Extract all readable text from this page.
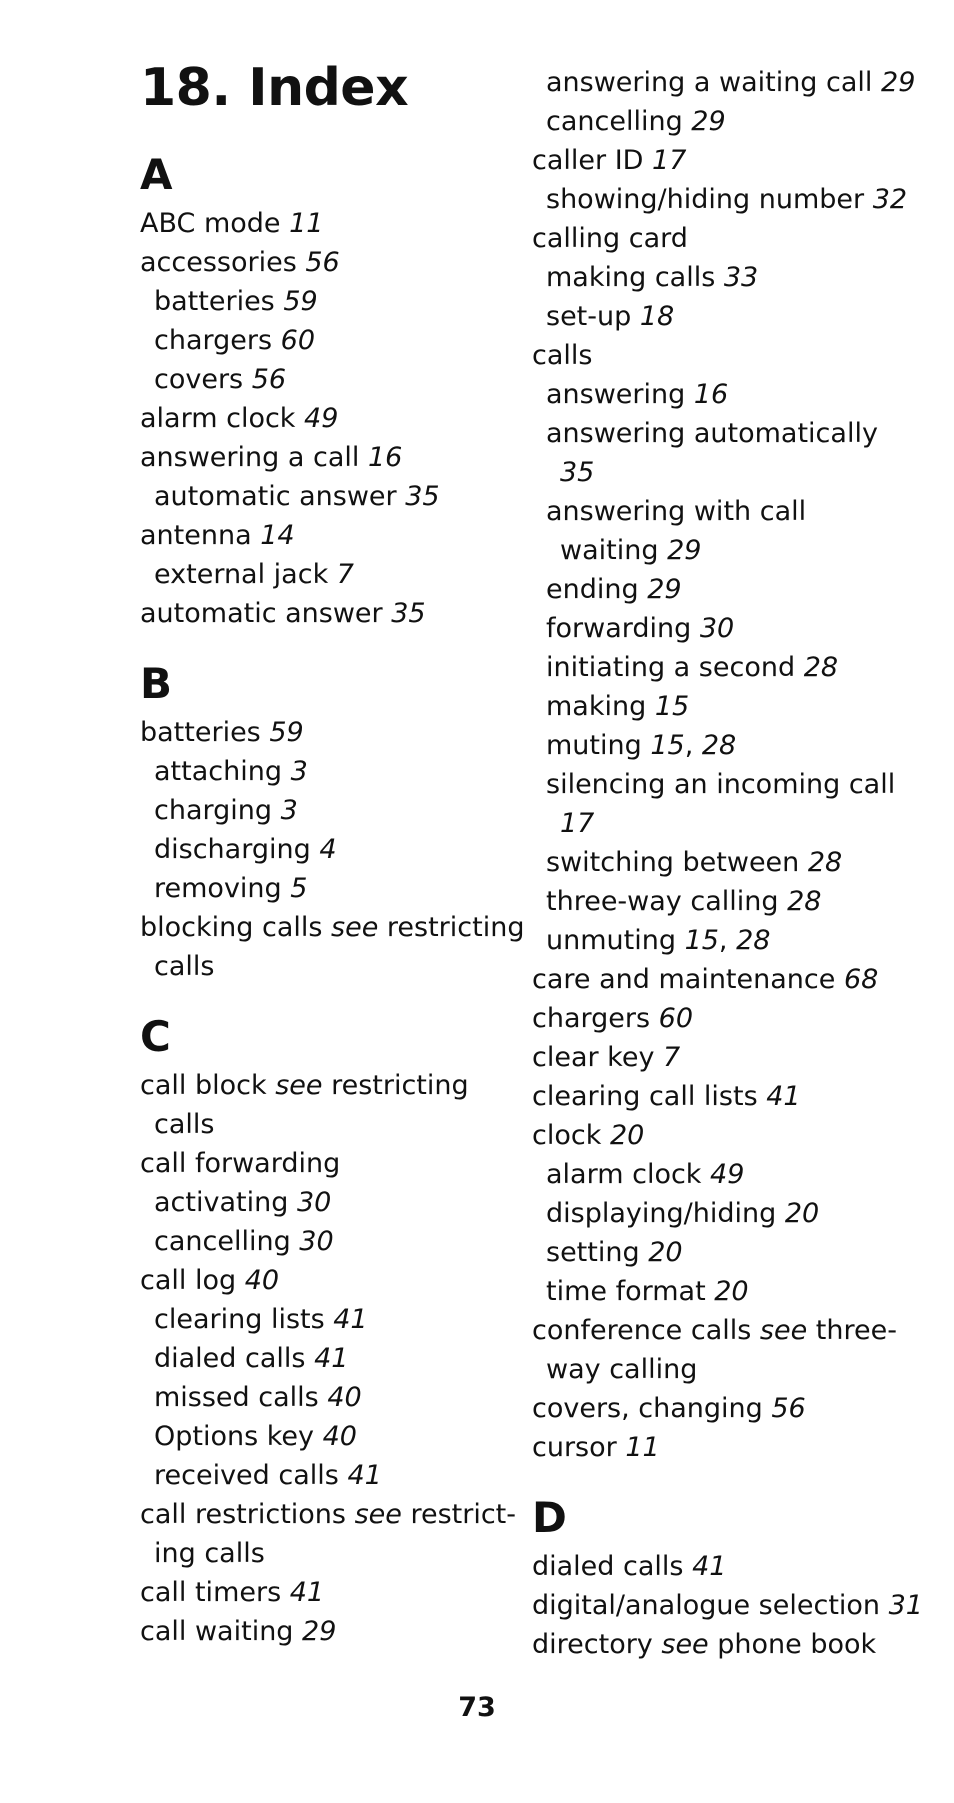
18. Index
A
ABC mode 11
accessories 56
batteries 59
chargers 60
covers 56
alarm clock 49
answering a call 16
automatic answer 35
antenna 14
external jack 7
automatic answer 35
B
batteries 59
attaching 3
charging 3
discharging 4
removing 5
blocking calls see restricting
calls
C
call block see restricting
calls
call forwarding
activating 30
cancelling 30
call log 40
clearing lists 41
dialed calls 41
missed calls 40
Options key 40
received calls 41
call restrictions see restrict-
ing calls
call timers 41
call waiting 29
answering a waiting call 29
cancelling 29
caller ID 17
showing/hiding number 32
calling card
making calls 33
set-up 18
calls
answering 16
answering automatically
35
answering with call
waiting 29
ending 29
forwarding 30
initiating a second 28
making 15
muting 15, 28
silencing an incoming call
17
switching between 28
three-way calling 28
unmuting 15, 28
care and maintenance 68
chargers 60
clear key 7
clearing call lists 41
clock 20
alarm clock 49
displaying/hiding 20
setting 20
time format 20
conference calls see three-
way calling
covers, changing 56
cursor 11
D
dialed calls 41
digital/analogue selection 31
directory see phone book
73
